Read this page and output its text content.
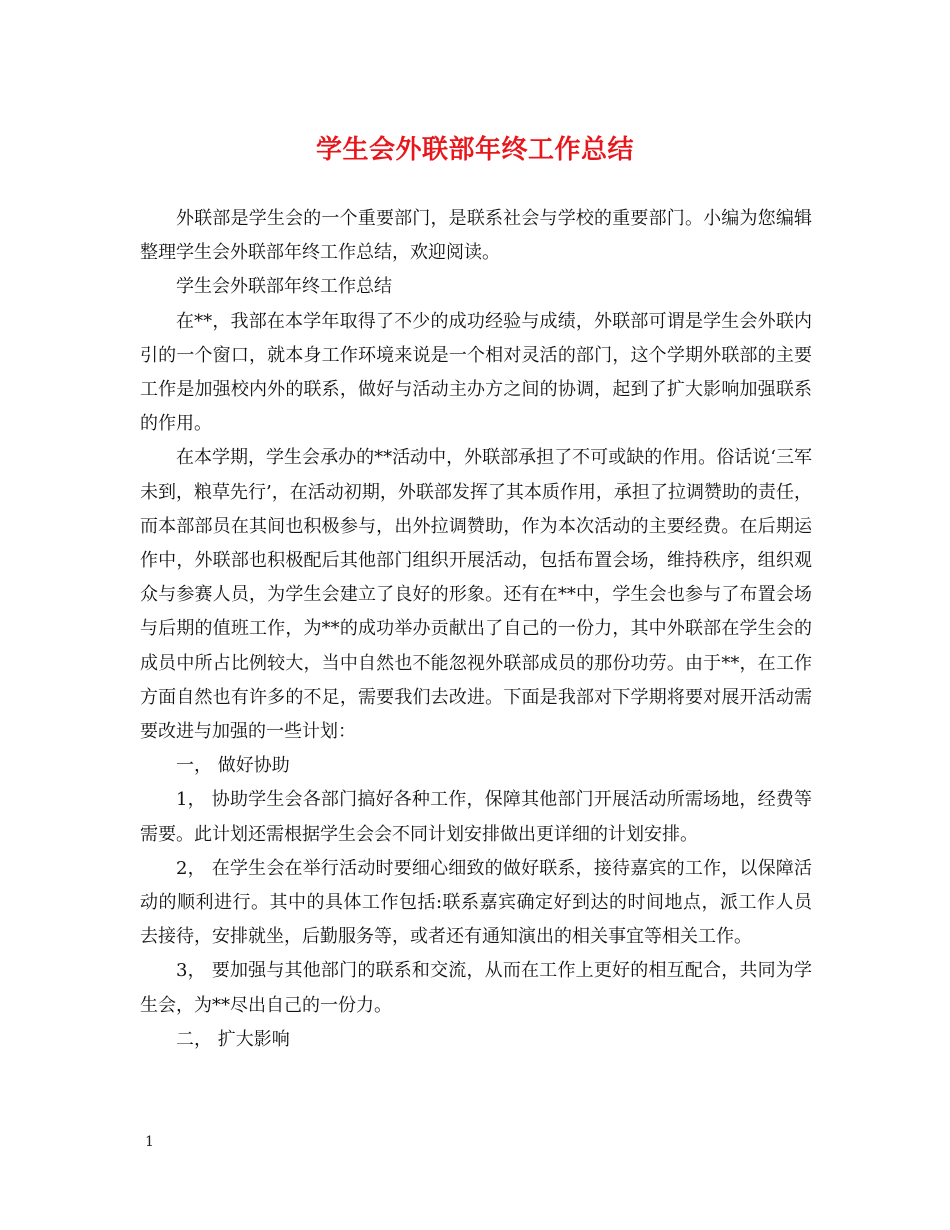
学生会外联部年终工作总结

外联部是学生会的一个重要部门，是联系社会与学校的重要部门。小编为您编辑整理学生会外联部年终工作总结，欢迎阅读。

学生会外联部年终工作总结

在**，我部在本学年取得了不少的成功经验与成绩，外联部可谓是学生会外联内引的一个窗口，就本身工作环境来说是一个相对灵活的部门，这个学期外联部的主要工作是加强校内外的联系，做好与活动主办方之间的协调，起到了扩大影响加强联系的作用。

在本学期，学生会承办的**活动中，外联部承担了不可或缺的作用。俗话说‘三军未到，粮草先行’，在活动初期，外联部发挥了其本质作用，承担了拉调赞助的责任，而本部部员在其间也积极参与，出外拉调赞助，作为本次活动的主要经费。在后期运作中，外联部也积极配后其他部门组织开展活动，包括布置会场，维持秩序，组织观众与参赛人员，为学生会建立了良好的形象。还有在**中，学生会也参与了布置会场与后期的值班工作，为**的成功举办贡献出了自己的一份力，其中外联部在学生会的成员中所占比例较大，当中自然也不能忽视外联部成员的那份功劳。由于**，在工作方面自然也有许多的不足，需要我们去改进。下面是我部对下学期将要对展开活动需要改进与加强的一些计划：

一， 做好协助

1， 协助学生会各部门搞好各种工作，保障其他部门开展活动所需场地，经费等需要。此计划还需根据学生会会不同计划安排做出更详细的计划安排。

2， 在学生会在举行活动时要细心细致的做好联系，接待嘉宾的工作，以保障活动的顺利进行。其中的具体工作包括:联系嘉宾确定好到达的时间地点，派工作人员去接待，安排就坐，后勤服务等，或者还有通知演出的相关事宜等相关工作。

3， 要加强与其他部门的联系和交流，从而在工作上更好的相互配合，共同为学生会，为**尽出自己的一份力。

二， 扩大影响

1
